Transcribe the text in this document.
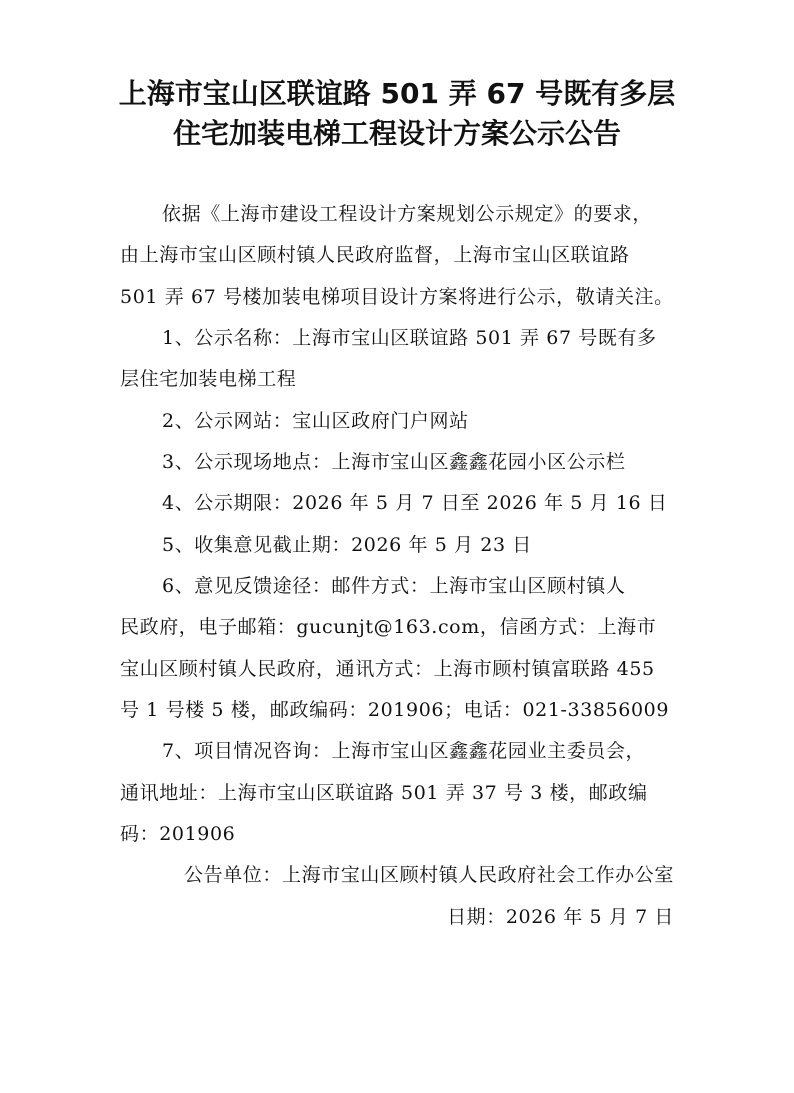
上海市宝山区联谊路 501 弄 67 号既有多层
住宅加装电梯工程设计方案公示公告
依据《上海市建设工程设计方案规划公示规定》的要求，
由上海市宝山区顾村镇人民政府监督，上海市宝山区联谊路
501 弄 67 号楼加装电梯项目设计方案将进行公示，敬请关注。
1、公示名称：上海市宝山区联谊路 501 弄 67 号既有多
层住宅加装电梯工程
2、公示网站：宝山区政府门户网站
3、公示现场地点：上海市宝山区鑫鑫花园小区公示栏
4、公示期限：2026 年 5 月 7 日至 2026 年 5 月 16 日
5、收集意见截止期：2026 年 5 月 23 日
6、意见反馈途径：邮件方式：上海市宝山区顾村镇人
民政府，电子邮箱：gucunjt@163.com，信函方式：上海市
宝山区顾村镇人民政府，通讯方式：上海市顾村镇富联路 455
号 1 号楼 5 楼，邮政编码：201906；电话：021-33856009
7、项目情况咨询：上海市宝山区鑫鑫花园业主委员会，
通讯地址：上海市宝山区联谊路 501 弄 37 号 3 楼，邮政编
码：201906
公告单位：上海市宝山区顾村镇人民政府社会工作办公室
日期：2026 年 5 月 7 日
